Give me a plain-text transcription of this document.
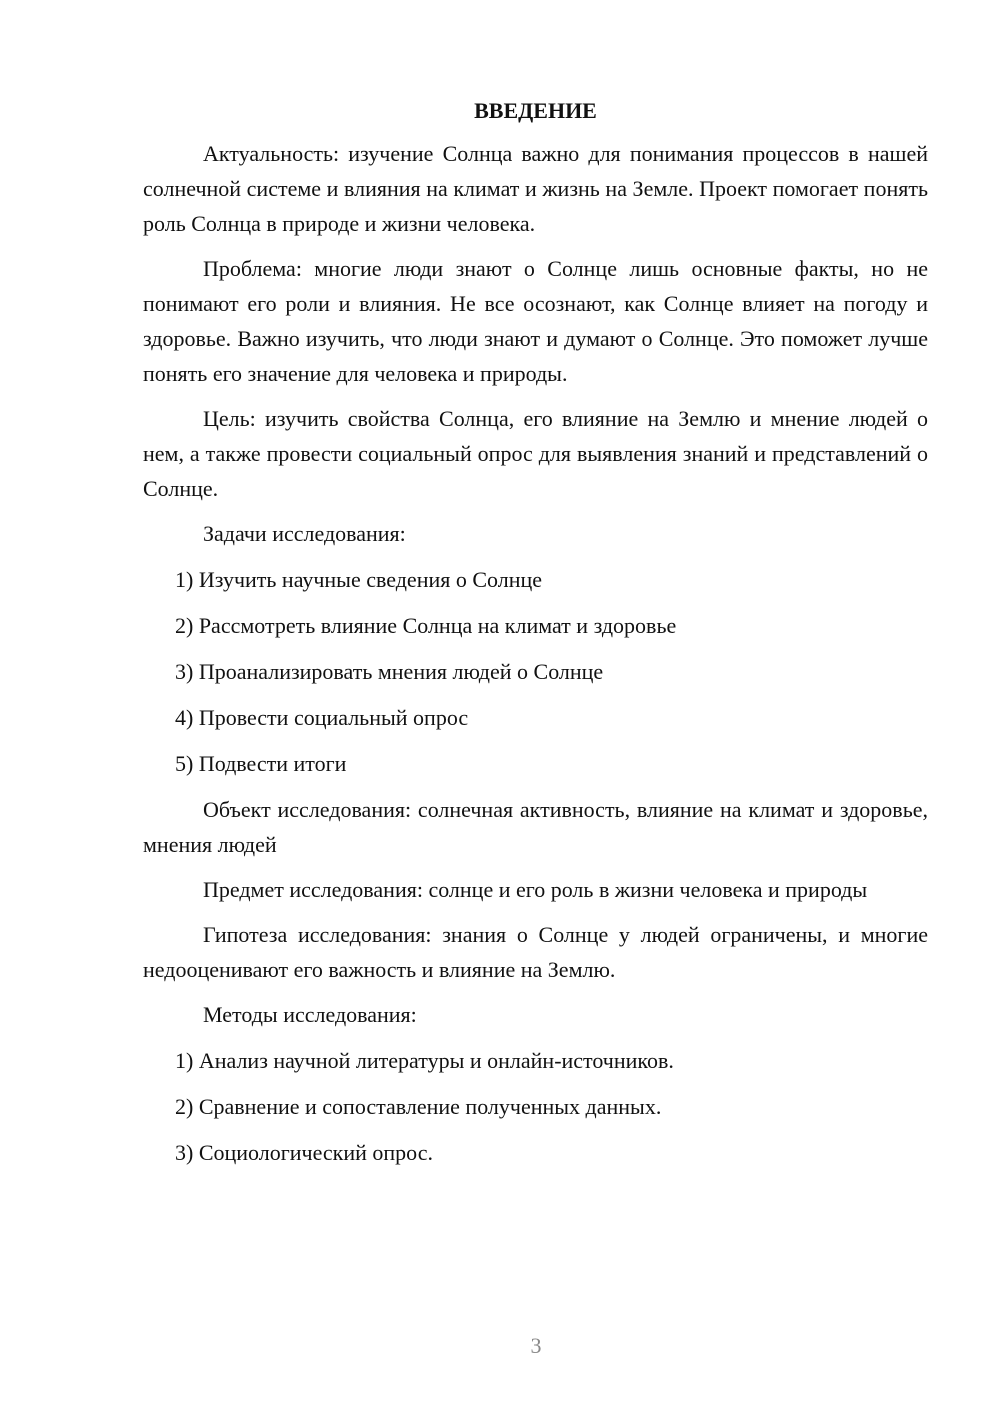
ВВЕДЕНИЕ
Актуальность: изучение Солнца важно для понимания процессов в нашей солнечной системе и влияния на климат и жизнь на Земле. Проект помогает понять роль Солнца в природе и жизни человека.
Проблема: многие люди знают о Солнце лишь основные факты, но не понимают его роли и влияния. Не все осознают, как Солнце влияет на погоду и здоровье. Важно изучить, что люди знают и думают о Солнце. Это поможет лучше понять его значение для человека и природы.
Цель: изучить свойства Солнца, его влияние на Землю и мнение людей о нем, а также провести социальный опрос для выявления знаний и представлений о Солнце.
Задачи исследования:
1) Изучить научные сведения о Солнце
2) Рассмотреть влияние Солнца на климат и здоровье
3) Проанализировать мнения людей о Солнце
4) Провести социальный опрос
5) Подвести итоги
Объект исследования: солнечная активность, влияние на климат и здоровье, мнения людей
Предмет исследования: солнце и его роль в жизни человека и природы
Гипотеза исследования: знания о Солнце у людей ограничены, и многие недооценивают его важность и влияние на Землю.
Методы исследования:
1) Анализ научной литературы и онлайн-источников.
2) Сравнение и сопоставление полученных данных.
3) Социологический опрос.
3
